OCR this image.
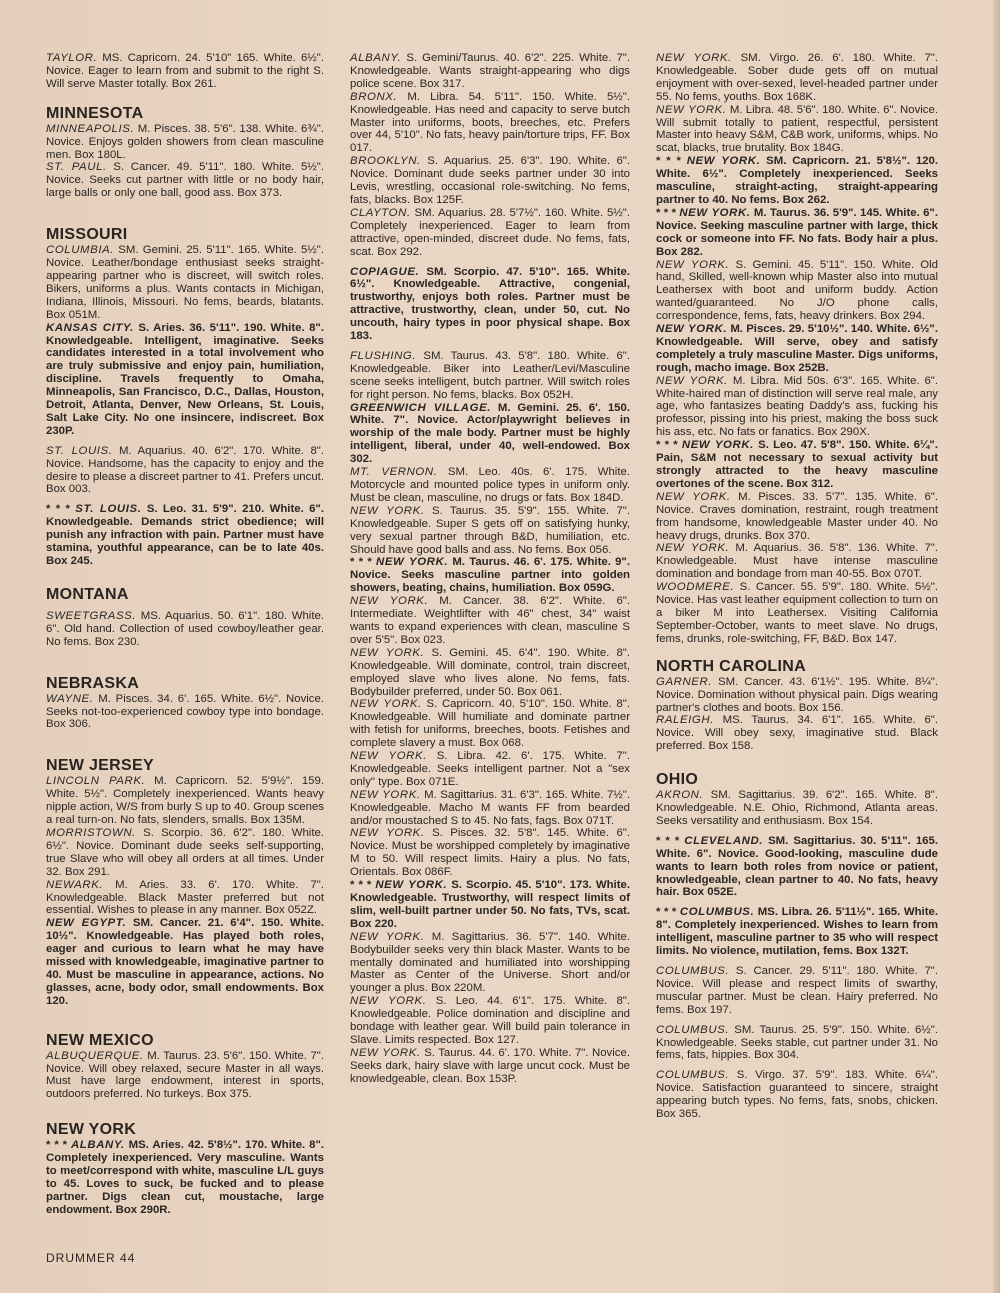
TAYLOR. MS. Capricorn. 24. 5'10" 165. White. 6½". Novice. Eager to learn from and submit to the right S. Will serve Master totally. Box 261.

MINNESOTA

MINNEAPOLIS. M. Pisces. 38. 5'6". 138. White. 6¾". Novice. Enjoys golden showers from clean masculine men. Box 180L.

ST. PAUL. S. Cancer. 49. 5'11". 180. White. 5½". Novice. Seeks cut partner with little or no body hair, large balls or only one ball, good ass. Box 373.

MISSOURI

COLUMBIA. SM. Gemini. 25. 5'11". 165. White. 5½". Novice. Leather/bondage enthusiast seeks straight-appearing partner who is discreet, will switch roles. Bikers, uniforms a plus. Wants contacts in Michigan, Indiana, Illinois, Missouri. No fems, beards, blatants. Box 051M.

KANSAS CITY. S. Aries. 36. 5'11". 190. White. 8". Knowledgeable. Intelligent, imaginative. Seeks candidates interested in a total involvement who are truly submissive and enjoy pain, humiliation, discipline. Travels frequently to Omaha, Minneapolis, San Francisco, D.C., Dallas, Houston, Detroit, Atlanta, Denver, New Orleans, St. Louis, Salt Lake City. No one insincere, indiscreet. Box 230P.

ST. LOUIS. M. Aquarius. 40. 6'2". 170. White. 8". Novice. Handsome, has the capacity to enjoy and the desire to please a discreet partner to 41. Prefers uncut. Box 003.

* * * ST. LOUIS. S. Leo. 31. 5'9". 210. White. 6". Knowledgeable. Demands strict obedience; will punish any infraction with pain. Partner must have stamina, youthful appearance, can be to late 40s. Box 245.

MONTANA

SWEETGRASS. MS. Aquarius. 50. 6'1". 180. White. 6". Old hand. Collection of used cowboy/leather gear. No fems. Box 230.

NEBRASKA

WAYNE. M. Pisces. 34. 6'. 165. White. 6½". Novice. Seeks not-too-experienced cowboy type into bondage. Box 306.

NEW JERSEY

LINCOLN PARK. M. Capricorn. 52. 5'9½". 159. White. 5½". Completely inexperienced. Wants heavy nipple action, W/S from burly S up to 40. Group scenes a real turn-on. No fats, slenders, smalls. Box 135M.

MORRISTOWN. S. Scorpio. 36. 6'2". 180. White. 6½". Novice. Dominant dude seeks self-supporting, true Slave who will obey all orders at all times. Under 32. Box 291.

NEWARK. M. Aries. 33. 6'. 170. White. 7". Knowledgeable. Black Master preferred but not essential. Wishes to please in any manner. Box 052Z.

NEW EGYPT. SM. Cancer. 21. 6'4". 150. White. 10½". Knowledgeable. Has played both roles, eager and curious to learn what he may have missed with knowledgeable, imaginative partner to 40. Must be masculine in appearance, actions. No glasses, acne, body odor, small endowments. Box 120.

NEW MEXICO

ALBUQUERQUE. M. Taurus. 23. 5'6". 150. White. 7". Novice. Will obey relaxed, secure Master in all ways. Must have large endowment, interest in sports, outdoors preferred. No turkeys. Box 375.

NEW YORK

* * * ALBANY. MS. Aries. 42. 5'8½". 170. White. 8". Completely inexperienced. Very masculine. Wants to meet/correspond with white, masculine L/L guys to 45. Loves to suck, be fucked and to please partner. Digs clean cut, moustache, large endowment. Box 290R.

ALBANY. S. Gemini/Taurus. 40. 6'2". 225. White. 7". Knowledgeable. Wants straight-appearing who digs police scene. Box 317.

BRONX. M. Libra. 54. 5'11". 150. White. 5½". Knowledgeable. Has need and capacity to serve butch Master into uniforms, boots, breeches, etc. Prefers over 44, 5'10". No fats, heavy pain/torture trips, FF. Box 017.

BROOKLYN. S. Aquarius. 25. 6'3". 190. White. 6". Novice. Dominant dude seeks partner under 30 into Levis, wrestling, occasional role-switching. No fems, fats, blacks. Box 125F.

CLAYTON. SM. Aquarius. 28. 5'7½". 160. White. 5½". Completely inexperienced. Eager to learn from attractive, open-minded, discreet dude. No fems, fats, scat. Box 292.

COPIAGUE. SM. Scorpio. 47. 5'10". 165. White. 6½". Knowledgeable. Attractive, congenial, trustworthy, enjoys both roles. Partner must be attractive, trustworthy, clean, under 50, cut. No uncouth, hairy types in poor physical shape. Box 183.

FLUSHING. SM. Taurus. 43. 5'8". 180. White. 6". Knowledgeable. Biker into Leather/Levi/Masculine scene seeks intelligent, butch partner. Will switch roles for right person. No fems, blacks. Box 052H.

GREENWICH VILLAGE. M. Gemini. 25. 6'. 150. White. 7". Novice. Actor/playwright believes in worship of the male body. Partner must be highly intelligent, liberal, under 40, well-endowed. Box 302.

MT. VERNON. SM. Leo. 40s. 6'. 175. White. Motorcycle and mounted police types in uniform only. Must be clean, masculine, no drugs or fats. Box 184D.

NEW YORK. S. Taurus. 35. 5'9". 155. White. 7". Knowledgeable. Super S gets off on satisfying hunky, very sexual partner through B&D, humiliation, etc. Should have good balls and ass. No fems. Box 056.

* * * NEW YORK. M. Taurus. 46. 6'. 175. White. 9". Novice. Seeks masculine partner into golden showers, beating, chains, humiliation. Box 059G.

NEW YORK. M. Cancer. 38. 6'2". White. 6". Intermediate. Weightlifter with 46" chest, 34" waist wants to expand experiences with clean, masculine S over 5'5". Box 023.

NEW YORK. S. Gemini. 45. 6'4". 190. White. 8". Knowledgeable. Will dominate, control, train discreet, employed slave who lives alone. No fems, fats. Bodybuilder preferred, under 50. Box 061.

NEW YORK. S. Capricorn. 40. 5'10". 150. White. 8". Knowledgeable. Will humiliate and dominate partner with fetish for uniforms, breeches, boots. Fetishes and complete slavery a must. Box 068.

NEW YORK. S. Libra. 42. 6'. 175. White. 7". Knowledgeable. Seeks intelligent partner. Not a "sex only" type. Box 071E.

NEW YORK. M. Sagittarius. 31. 6'3". 165. White. 7½". Knowledgeable. Macho M wants FF from bearded and/or moustached S to 45. No fats, fags. Box 071T.

NEW YORK. S. Pisces. 32. 5'8". 145. White. 6". Novice. Must be worshipped completely by imaginative M to 50. Will respect limits. Hairy a plus. No fats, Orientals. Box 086F.

* * * NEW YORK. S. Scorpio. 45. 5'10". 173. White. Knowledgeable. Trustworthy, will respect limits of slim, well-built partner under 50. No fats, TVs, scat. Box 220.

NEW YORK. M. Sagittarius. 36. 5'7". 140. White. Bodybuilder seeks very thin black Master. Wants to be mentally dominated and humiliated into worshipping Master as Center of the Universe. Short and/or younger a plus. Box 220M.

NEW YORK. S. Leo. 44. 6'1". 175. White. 8". Knowledgeable. Police domination and discipline and bondage with leather gear. Will build pain tolerance in Slave. Limits respected. Box 127.

NEW YORK. S. Taurus. 44. 6'. 170. White. 7". Novice. Seeks dark, hairy slave with large uncut cock. Must be knowledgeable, clean. Box 153P.

NEW YORK. SM. Virgo. 26. 6'. 180. White. 7". Knowledgeable. Sober dude gets off on mutual enjoyment with over-sexed, level-headed partner under 55. No fems, youths. Box 168K.

NEW YORK. M. Libra. 48. 5'6". 180. White. 6". Novice. Will submit totally to patient, respectful, persistent Master into heavy S&M, C&B work, uniforms, whips. No scat, blacks, true brutality. Box 184G.

* * * NEW YORK. SM. Capricorn. 21. 5'8½". 120. White. 6½". Completely inexperienced. Seeks masculine, straight-acting, straight-appearing partner to 40. No fems. Box 262.

* * * NEW YORK. M. Taurus. 36. 5'9". 145. White. 6". Novice. Seeking masculine partner with large, thick cock or someone into FF. No fats. Body hair a plus. Box 282.

NEW YORK. S. Gemini. 45. 5'11". 150. White. Old hand, Skilled, well-known whip Master also into mutual Leathersex with boot and uniform buddy. Action wanted/guaranteed. No J/O phone calls, correspondence, fems, fats, heavy drinkers. Box 294.

NEW YORK. M. Pisces. 29. 5'10½". 140. White. 6½". Knowledgeable. Will serve, obey and satisfy completely a truly masculine Master. Digs uniforms, rough, macho image. Box 252B.

NEW YORK. M. Libra. Mid 50s. 6'3". 165. White. 6". White-haired man of distinction will serve real male, any age, who fantasizes beating Daddy's ass, fucking his professor, pissing into his priest, making the boss suck his ass, etc. No fats or fanatics. Box 290X.

* * * NEW YORK. S. Leo. 47. 5'8". 150. White. 6¼". Pain, S&M not necessary to sexual activity but strongly attracted to the heavy masculine overtones of the scene. Box 312.

NEW YORK. M. Pisces. 33. 5'7". 135. White. 6". Novice. Craves domination, restraint, rough treatment from handsome, knowledgeable Master under 40. No heavy drugs, drunks. Box 370.

NEW YORK. M. Aquarius. 36. 5'8". 136. White. 7". Knowledgeable. Must have intense masculine domination and bondage from man 40-55. Box 070T.

WOODMERE. S. Cancer. 55. 5'9". 180. White. 5½". Novice. Has vast leather equipment collection to turn on a biker M into Leathersex. Visiting California September-October, wants to meet slave. No drugs, fems, drunks, role-switching, FF, B&D. Box 147.

NORTH CAROLINA

GARNER. SM. Cancer. 43. 6'1½". 195. White. 8¼". Novice. Domination without physical pain. Digs wearing partner's clothes and boots. Box 156.

RALEIGH. MS. Taurus. 34. 6'1". 165. White. 6". Novice. Will obey sexy, imaginative stud. Black preferred. Box 158.

OHIO

AKRON. SM. Sagittarius. 39. 6'2". 165. White. 8". Knowledgeable. N.E. Ohio, Richmond, Atlanta areas. Seeks versatility and enthusiasm. Box 154.

* * * CLEVELAND. SM. Sagittarius. 30. 5'11". 165. White. 6". Novice. Good-looking, masculine dude wants to learn both roles from novice or patient, knowledgeable, clean partner to 40. No fats, heavy hair. Box 052E.

* * * COLUMBUS. MS. Libra. 26. 5'11½". 165. White. 8". Completely inexperienced. Wishes to learn from intelligent, masculine partner to 35 who will respect limits. No violence, mutilation, fems. Box 132T.

COLUMBUS. S. Cancer. 29. 5'11". 180. White. 7". Novice. Will please and respect limits of swarthy, muscular partner. Must be clean. Hairy preferred. No fems. Box 197.

COLUMBUS. SM. Taurus. 25. 5'9". 150. White. 6½". Knowledgeable. Seeks stable, cut partner under 31. No fems, fats, hippies. Box 304.

COLUMBUS. S. Virgo. 37. 5'9". 183. White. 6¼". Novice. Satisfaction guaranteed to sincere, straight appearing butch types. No fems, fats, snobs, chicken. Box 365.

DRUMMER 44
